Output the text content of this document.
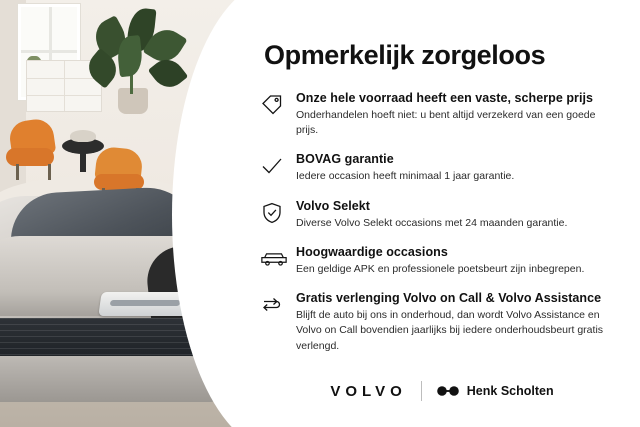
Opmerkelijk zorgeloos
Onze hele voorraad heeft een vaste, scherpe prijs
Onderhandelen hoeft niet: u bent altijd verzekerd van een goede prijs.
BOVAG garantie
Iedere occasion heeft minimaal 1 jaar garantie.
Volvo Selekt
Diverse Volvo Selekt occasions met 24 maanden garantie.
Hoogwaardige occasions
Een geldige APK en professionele poetsbeurt zijn inbegrepen.
Gratis verlenging Volvo on Call & Volvo Assistance
Blijft de auto bij ons in onderhoud, dan wordt Volvo Assistance en Volvo on Call bovendien jaarlijks bij iedere onderhoudsbeurt gratis verlengd.
VOLVO	Henk Scholten
